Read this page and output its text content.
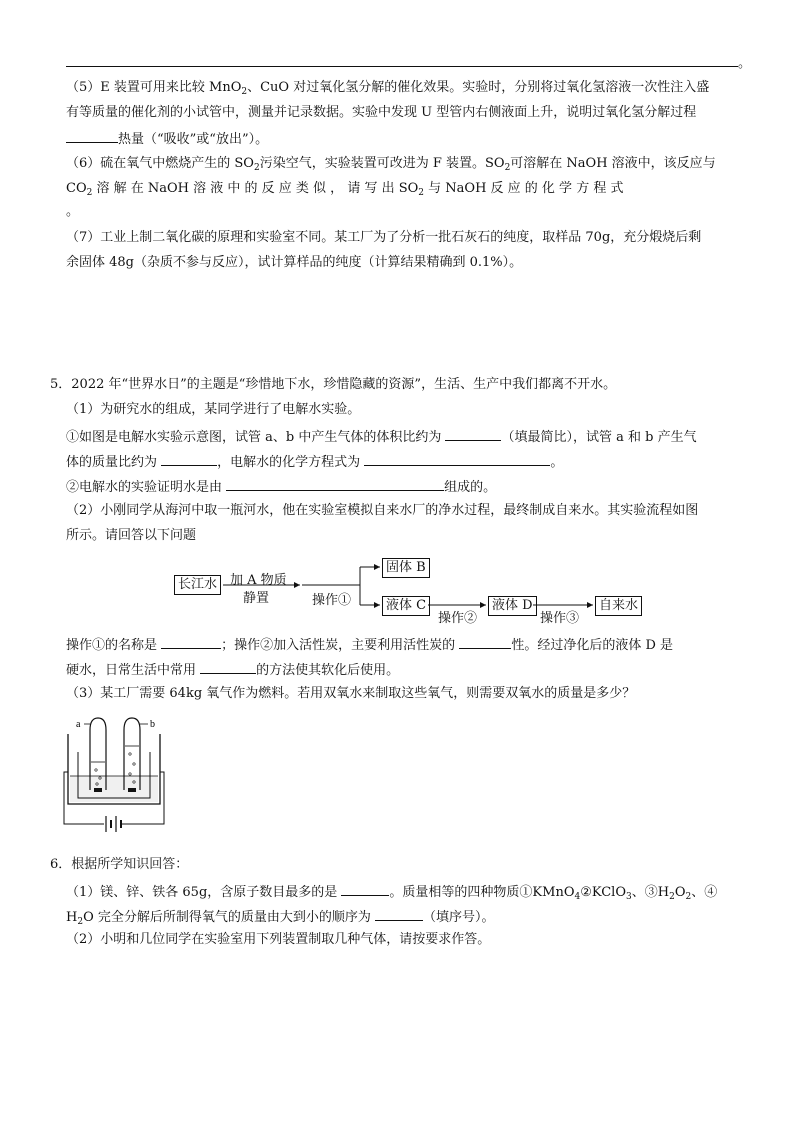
。
（5）E 装置可用来比较 MnO$_2$、CuO 对过氧化氢分解的催化效果。实验时，分别将过氧化氢溶液一次性注入盛
有等质量的催化剂的小试管中，测量并记录数据。实验中发现 U 型管内右侧液面上升，说明过氧化氢分解过程
热量（“吸收”或“放出”）。
（6）硫在氧气中燃烧产生的 $SO_2$污染空气，实验装置可改进为 F 装置。$SO_2$可溶解在 NaOH 溶液中，该反应与
$CO_2$ 溶 解 在 NaOH 溶 液 中 的 反 应 类 似 ， 请 写 出 $SO_2$ 与 NaOH 反 应 的 化 学 方 程 式
。
（7）工业上制二氧化碳的原理和实验室不同。某工厂为了分析一批石灰石的纯度，取样品 70g，充分煅烧后剩
余固体 48g（杂质不参与反应），试计算样品的纯度（计算结果精确到 0.1%）。
5．2022 年“世界水日”的主题是“珍惜地下水，珍惜隐藏的资源”，生活、生产中我们都离不开水。
（1）为研究水的组成，某同学进行了电解水实验。
①如图是电解水实验示意图，试管 a、b 中产生气体的体积比约为	（填最简比），试管 a 和 b 产生气
体的质量比约为	，电解水的化学方程式为	。
②电解水的实验证明水是由	组成的。
（2）小刚同学从海河中取一瓶河水，他在实验室模拟自来水厂的净水过程，最终制成自来水。其实验流程如图
所示。请回答以下问题
长江水 加 A 物质
静置	操作①
固体 B
液体 C
操作②
液体 D
操作③
自来水
操作①的名称是	；操作②加入活性炭，主要利用活性炭的	性。经过净化后的液体 D 是
硬水，日常生活中常用	的方法使其软化后使用。
（3）某工厂需要 64kg 氧气作为燃料。若用双氧水来制取这些氧气，则需要双氧水的质量是多少？
a	b
6．根据所学知识回答：
（1）镁、锌、铁各 65g，含原子数目最多的是	。质量相等的四种物质①KMnO$_4$②KClO$_3$、$③H_2O_2$、④
$H_2O$ 完全分解后所制得氧气的质量由大到小的顺序为	（填序号）。
（2）小明和几位同学在实验室用下列装置制取几种气体，请按要求作答。
